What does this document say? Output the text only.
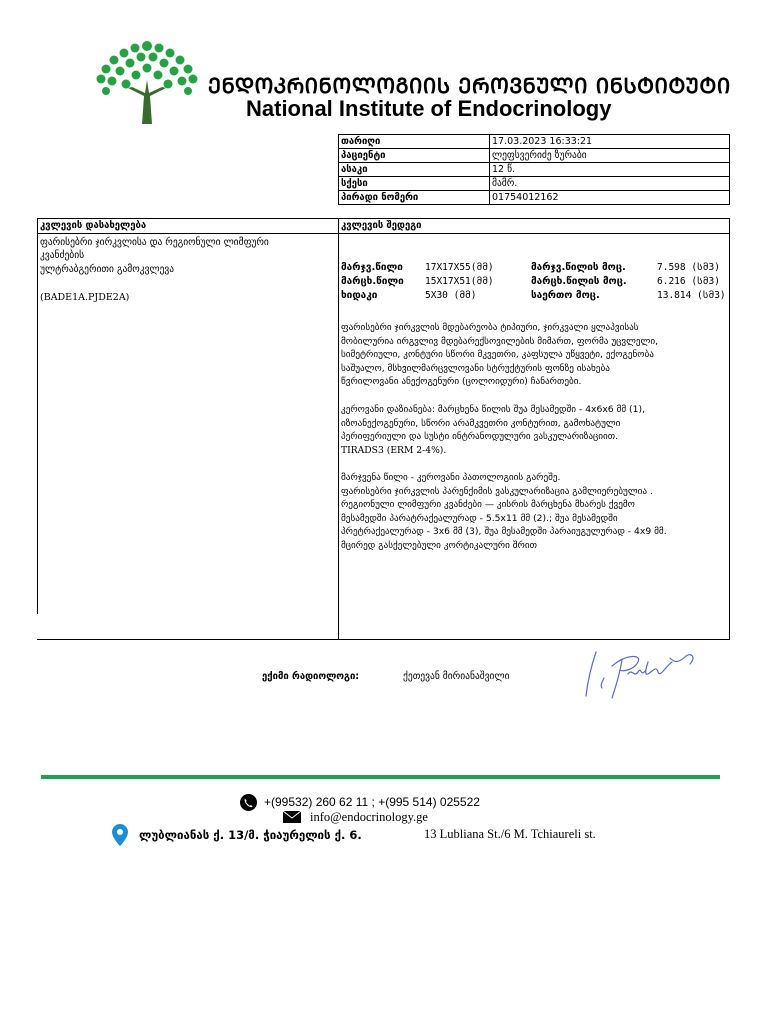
ᲔᲜᲓᲝᲙᲠᲘᲜᲝᲚᲝᲒᲘᲘᲡ ᲔᲠᲝᲕᲜᲣᲚᲘ ᲘᲜᲡᲢᲘᲢᲣᲢᲘ
National Institute of Endocrinology
თარიღი	17.03.2023 16:33:21
პაციენტი	ლეფსვერიძე ზურაბი
ასაკი	12 წ.
სქესი	მამრ.
პირადი ნომერი	01754012162
კვლევის დასახელება	კვლევის შედეგი
ფარისებრი ჯირკვლისა და რეგიონული ლიმფური
კვანძების
ულტრაბგერითი გამოკვლევა
(BADE1A.PJDE2A)
მარჯვ.წილი 17X17X55(მმ)	მარჯვ.წილის მოც.	7.598 (სმ3)
მარცხ.წილი 15X17X51(მმ)	მარცხ.წილის მოც.	6.216 (სმ3)
ხიდაკი	5X30 (მმ)	საერთო მოც.	13.814 (სმ3)
ფარისებრი ჯირკვლის მდებარეობა ტიპიური, ჯირკვალი ყლაპვისას
მობილურია ირგვლივ მდებარექსოვილების მიმართ, ფორმა უცვლელი,
სიმეტრიული, კონტური სწორი მკვეთრი, კაფსულა უწყვეტი, ექოგენობა
საშუალო, მსხვილმარცვლოვანი სტრუქტურის ფონზე ისახება
წვრილოვანი ანექოგენური (ცოლოიდური) ჩანართები.
კეროვანი დაზიანება: მარცხენა წილის შუა მესამედში - 4x6x6 მმ (1),
იზოანექოგენური, სწორი არამკვეთრი კონტურით, გამოხატული
პერიფერიული და სუსტი ინტრანოდულური ვასკულარიზაციით.
TIRADS3 (ERM 2-4%).
მარჯვენა წილი - კეროვანი პათოლოგიის გარეშე.
ფარისებრი ჯირკვლის პარენქიმის ვასკულარიზაცია გამლიერებულია .
რეგიონული ლიმფური კვანძები — კისრის მარცხენა მხარეს ქვემო
მესამედში პარატრაქეალურად - 5.5x11 მმ (2).; შუა მესამედში
პრეტრაქეალურად - 3x6 მმ (3), შუა მესამედში პარაიუგულურად - 4x9 მმ.
მცირედ გასქელებული კორტიკალური შრით
ექიმი რადიოლოგი:	ქეთევან მირიანაშვილი
+(99532) 260 62 11 ; +(995 514) 025522
info@endocrinology.ge
ლუბლიანას ქ. 13/მ. ჭიაურელის ქ. 6.	13 Lubliana St./6 M. Tchiaureli st.
